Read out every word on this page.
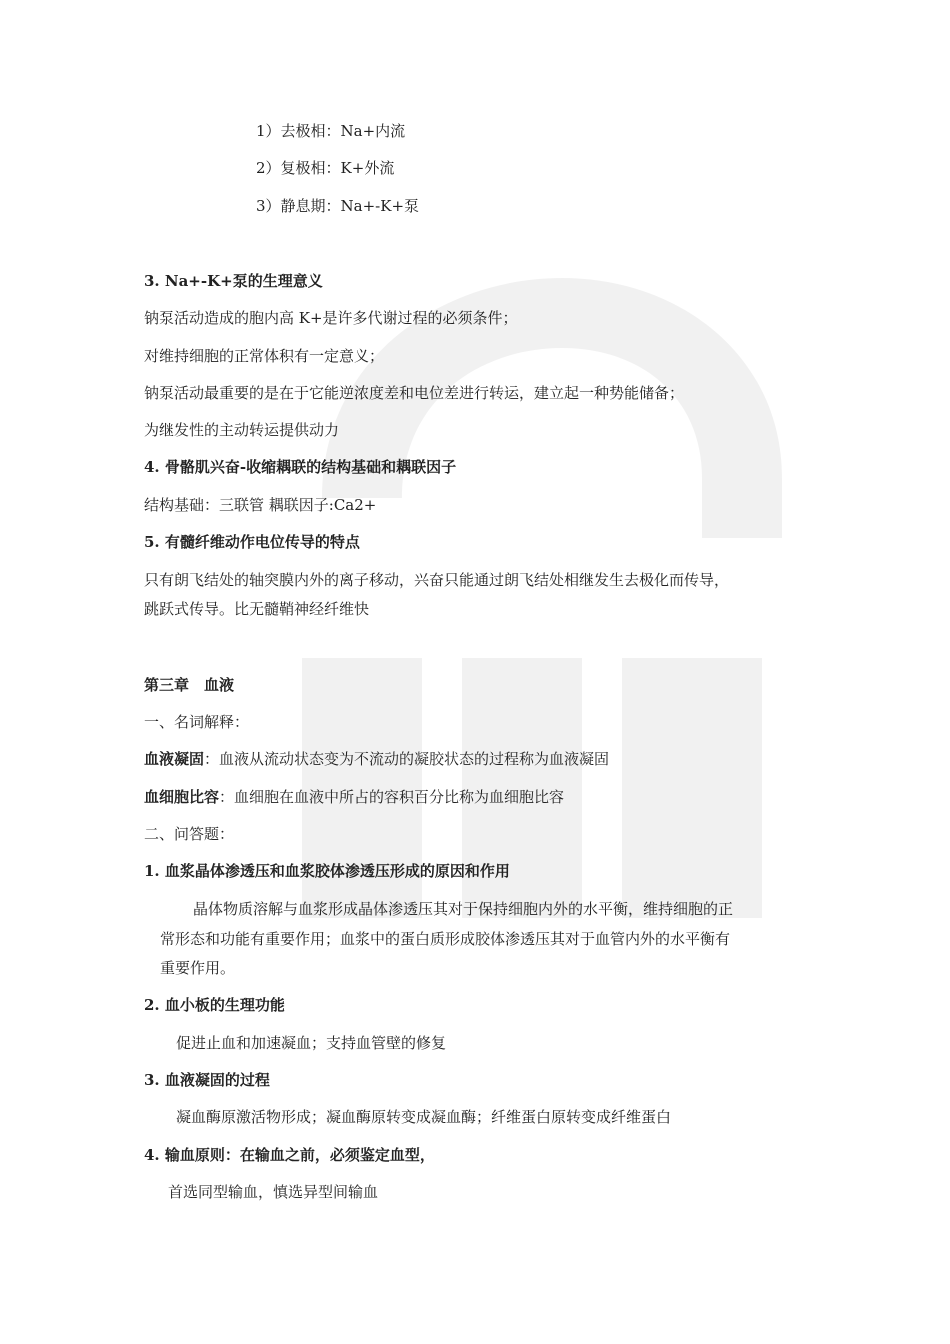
1）去极相：Na+内流
2）复极相：K+外流
3）静息期：Na+-K+泵
3. Na+-K+泵的生理意义
钠泵活动造成的胞内高 K+是许多代谢过程的必须条件；
对维持细胞的正常体积有一定意义；
钠泵活动最重要的是在于它能逆浓度差和电位差进行转运，建立起一种势能储备；
为继发性的主动转运提供动力
4. 骨骼肌兴奋-收缩耦联的结构基础和耦联因子
结构基础：三联管 耦联因子:Ca2+
5. 有髓纤维动作电位传导的特点
只有朗飞结处的轴突膜内外的离子移动，兴奋只能通过朗飞结处相继发生去极化而传导，
跳跃式传导。比无髓鞘神经纤维快
第三章　血液
一、名词解释：
血液凝固：血液从流动状态变为不流动的凝胶状态的过程称为血液凝固
血细胞比容：血细胞在血液中所占的容积百分比称为血细胞比容
二、问答题：
1. 血浆晶体渗透压和血浆胶体渗透压形成的原因和作用
晶体物质溶解与血浆形成晶体渗透压其对于保持细胞内外的水平衡，维持细胞的正
常形态和功能有重要作用；血浆中的蛋白质形成胶体渗透压其对于血管内外的水平衡有
重要作用。
2. 血小板的生理功能
促进止血和加速凝血；支持血管壁的修复
3. 血液凝固的过程
凝血酶原激活物形成；凝血酶原转变成凝血酶；纤维蛋白原转变成纤维蛋白
4. 输血原则：在输血之前，必须鉴定血型，
首选同型输血，慎选异型间输血
